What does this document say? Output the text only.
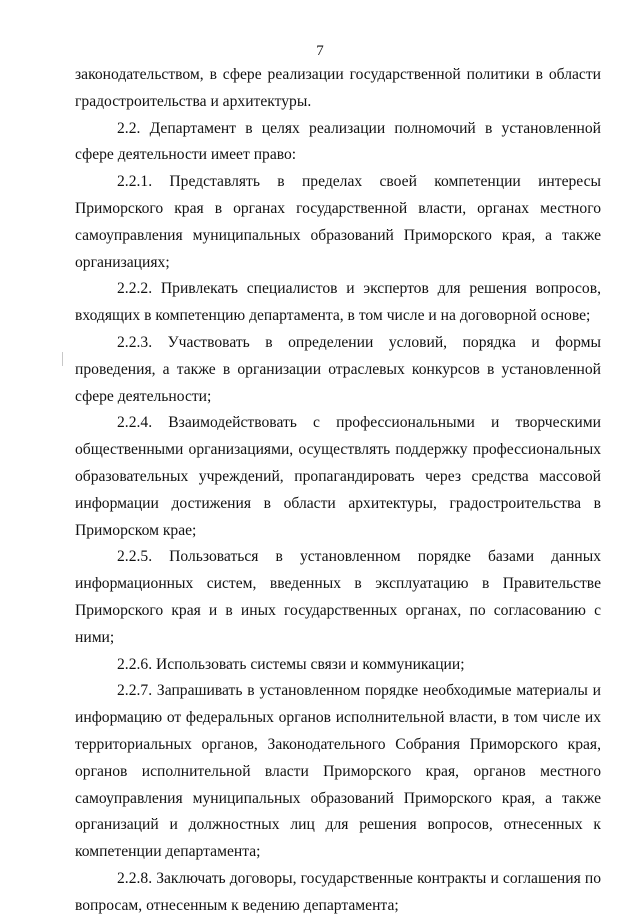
7

законодательством, в сфере реализации государственной политики в области градостроительства и архитектуры.

2.2. Департамент в целях реализации полномочий в установленной сфере деятельности имеет право:

2.2.1. Представлять в пределах своей компетенции интересы Приморского края в органах государственной власти, органах местного самоуправления муниципальных образований Приморского края, а также организациях;

2.2.2. Привлекать специалистов и экспертов для решения вопросов, входящих в компетенцию департамента, в том числе и на договорной основе;

2.2.3. Участвовать в определении условий, порядка и формы проведения, а также в организации отраслевых конкурсов в установленной сфере деятельности;

2.2.4. Взаимодействовать с профессиональными и творческими общественными организациями, осуществлять поддержку профессиональных образовательных учреждений, пропагандировать через средства массовой информации достижения в области архитектуры, градостроительства в Приморском крае;

2.2.5. Пользоваться в установленном порядке базами данных информационных систем, введенных в эксплуатацию в Правительстве Приморского края и в иных государственных органах, по согласованию с ними;

2.2.6. Использовать системы связи и коммуникации;

2.2.7. Запрашивать в установленном порядке необходимые материалы и информацию от федеральных органов исполнительной власти, в том числе их территориальных органов, Законодательного Собрания Приморского края, органов исполнительной власти Приморского края, органов местного самоуправления муниципальных образований Приморского края, а также организаций и должностных лиц для решения вопросов, отнесенных к компетенции департамента;

2.2.8. Заключать договоры, государственные контракты и соглашения по вопросам, отнесенным к ведению департамента;
